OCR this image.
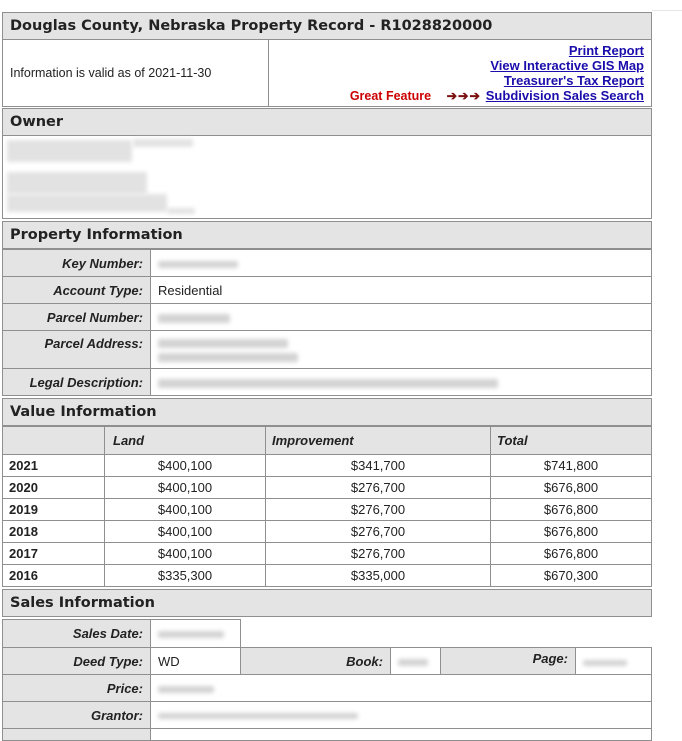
Douglas County, Nebraska Property Record - R1028820000
Information is valid as of 2021-11-30
Print Report
View Interactive GIS Map
Treasurer's Tax Report
Subdivision Sales Search
Great Feature ➔➔➔
Owner
Property Information
Key Number:	
Account Type:	Residential
Parcel Number:	
Parcel Address:	

Legal Description:	
Value Information
	Land	Improvement	Total
2021	$400,100	$341,700	$741,800
2020	$400,100	$276,700	$676,800
2019	$400,100	$276,700	$676,800
2018	$400,100	$276,700	$676,800
2017	$400,100	$276,700	$676,800
2016	$335,300	$335,000	$670,300
Sales Information
Sales Date:					
Deed Type:	WD	Book:		Page:	
Price:					
Grantor:					
